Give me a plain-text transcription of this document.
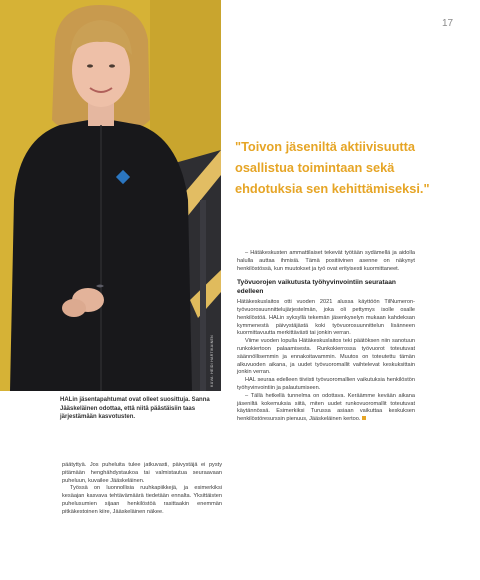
KUVA: HEIDI HARTIKAINEN
17

"Toivon jäseniltä aktiivisuutta osallistua toimintaan sekä ehdotuksia sen kehittämiseksi."

HALin jäsentapahtumat ovat olleet suosittuja. Sanna Jääskeläinen odottaa, että niitä päästäisiin taas järjestämään kasvotusten.

– Hätäkeskusten ammattilaiset tekevät työtään sydämellä ja aidolla halulla auttaa ihmisiä. Tämä positiivinen asenne on näkynyt henkilöstössä, kun muutokset ja työ ovat erityisesti kuormittaneet.

Työvuorojen vaikutusta työhyvinvointiin seurataan edelleen

Hätäkeskuslaitos otti vuoden 2021 alussa käyttöön TilNumeron-työvuorosuunnittelujärjestelmän, joka oli pettymys isolle osalle henkilöstöä. HALin syksyllä tekemän jäsenkyselyn mukaan kahdeksan kymmenestä päivystäjästä koki työvuorosuunnittelun lisänneen kuormittavuutta merkittävästi tai jonkin verran.

Viime vuoden lopulla Hätäkeskuslaitos teki päätöksen niin sanotuun runkokiertoon palaamisesta. Runkokierrossa työvuorot toteutuvat säännöllisemmin ja ennakoitavammin. Muutos on toteutettu tämän alkuvuoden aikana, ja uudet työvuoromallit vaihtelevat keskuksittain jonkin verran.

HAL seuraa edelleen tiiviisti työvuoromallien vaikutuksia henkilöstön työhyvinvointiin ja palautumiseen.

– Tällä hetkellä tunnelma on odottava. Keräämme kevään aikana jäseniltä kokemuksia siitä, miten uudet runkovuoromallit toteutuvat käytännössä. Esimerkiksi Turussa asiaan vaikuttaa keskuksen henkilöstöresurssin pienuus, Jääskeläinen kertoo.

päätyttyä. Jos puheluita tulee jatkuvasti, päivystäjä ei pysty pitämään henghähdystaukoa tai valmistautua seuraavaan puheluun, kuvailee Jääskeläinen.

Työssä on luonnollisia ruuhkapiikkejä, ja esimerkiksi kesäajan kasvava tehtävämäärä tiedetään ennalta. Yksittäisten puhelusumien sijaan henkilöstöä rasittaakin enemmän pitkäkestoinen kiire, Jääskeläinen näkee.
